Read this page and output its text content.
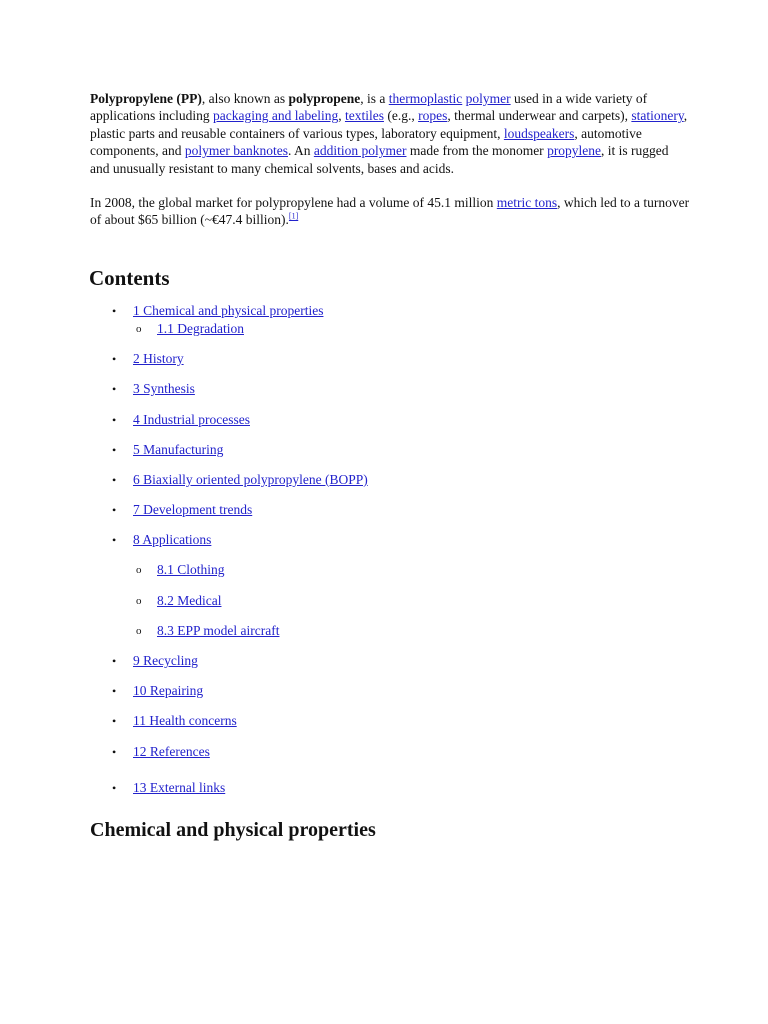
Polypropylene (PP), also known as polypropene, is a thermoplastic polymer used in a wide variety of applications including packaging and labeling, textiles (e.g., ropes, thermal underwear and carpets), stationery, plastic parts and reusable containers of various types, laboratory equipment, loudspeakers, automotive components, and polymer banknotes. An addition polymer made from the monomer propylene, it is rugged and unusually resistant to many chemical solvents, bases and acids.

In 2008, the global market for polypropylene had a volume of 45.1 million metric tons, which led to a turnover of about $65 billion (~€47.4 billion).[1]

Contents
• 1 Chemical and physical properties
o 1.1 Degradation
• 2 History
• 3 Synthesis
• 4 Industrial processes
• 5 Manufacturing
• 6 Biaxially oriented polypropylene (BOPP)
• 7 Development trends
• 8 Applications
o 8.1 Clothing
o 8.2 Medical
o 8.3 EPP model aircraft
• 9 Recycling
• 10 Repairing
• 11 Health concerns
• 12 References
• 13 External links
Chemical and physical properties
